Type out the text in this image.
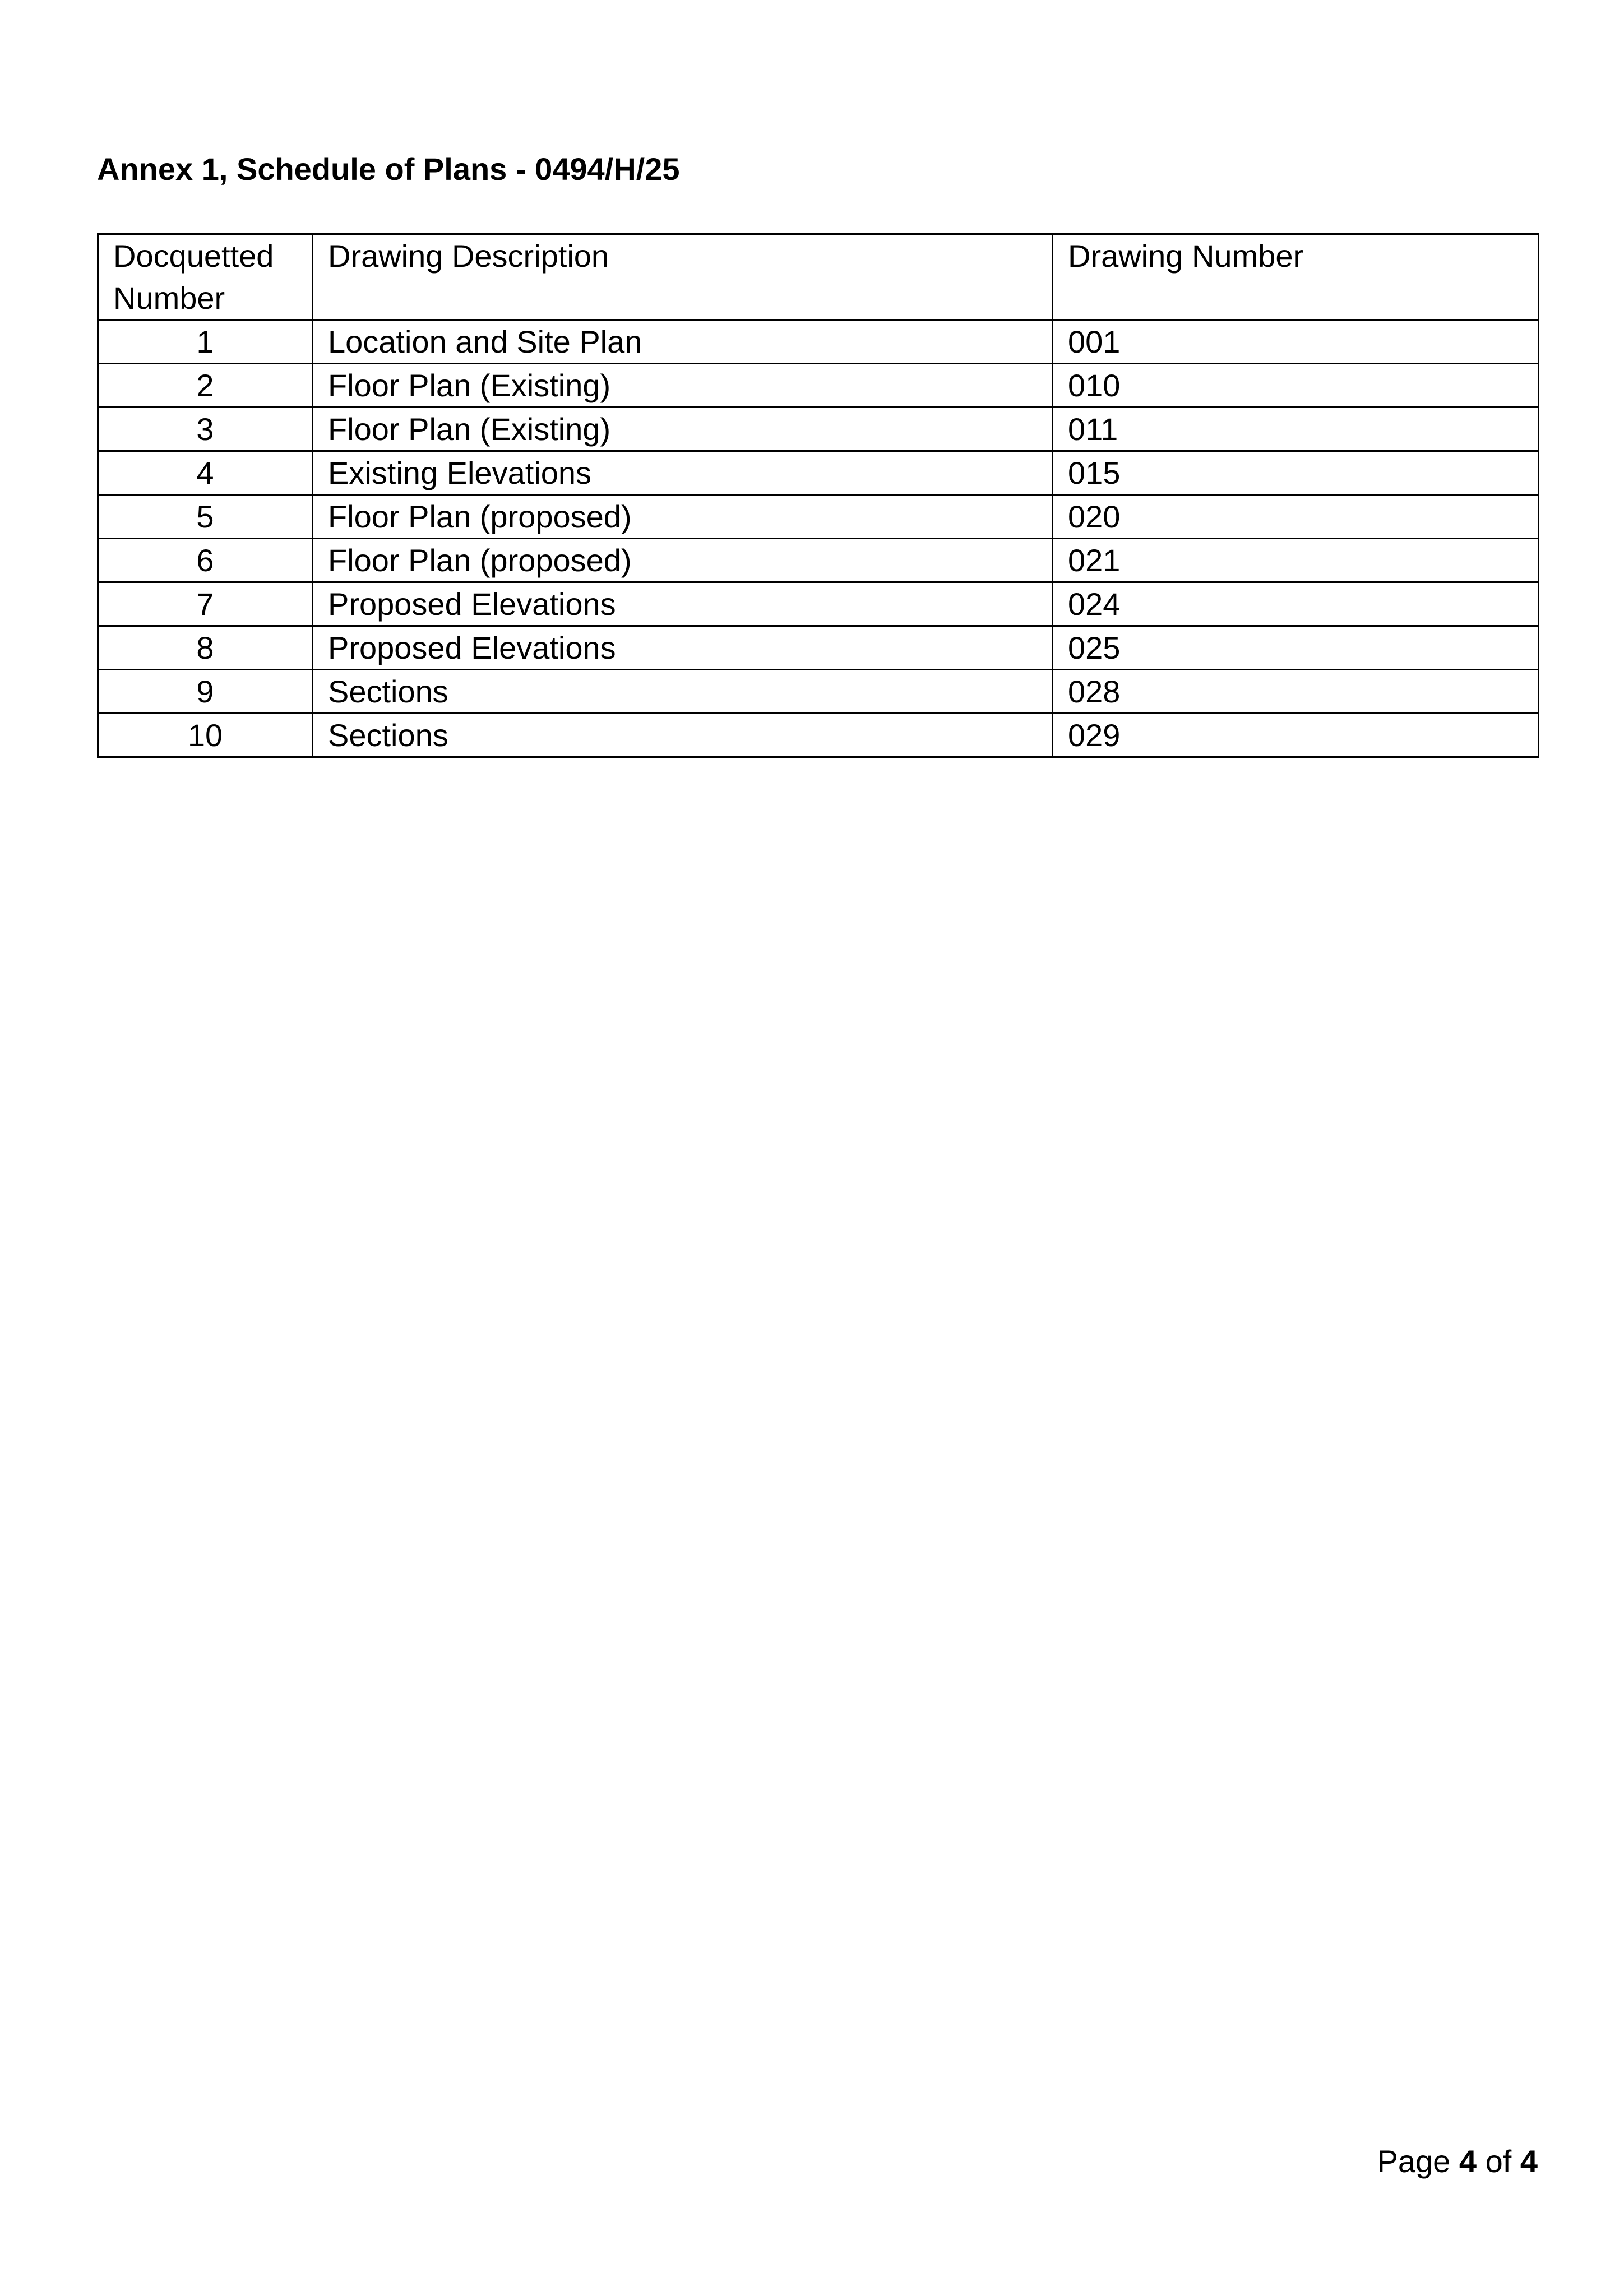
Annex 1, Schedule of Plans - 0494/H/25
Docquetted
Number	Drawing Description	Drawing Number
1	Location and Site Plan	001
2	Floor Plan (Existing)	010
3	Floor Plan (Existing)	011
4	Existing Elevations	015
5	Floor Plan (proposed)	020
6	Floor Plan (proposed)	021
7	Proposed Elevations	024
8	Proposed Elevations	025
9	Sections	028
10	Sections	029
Page 4 of 4
